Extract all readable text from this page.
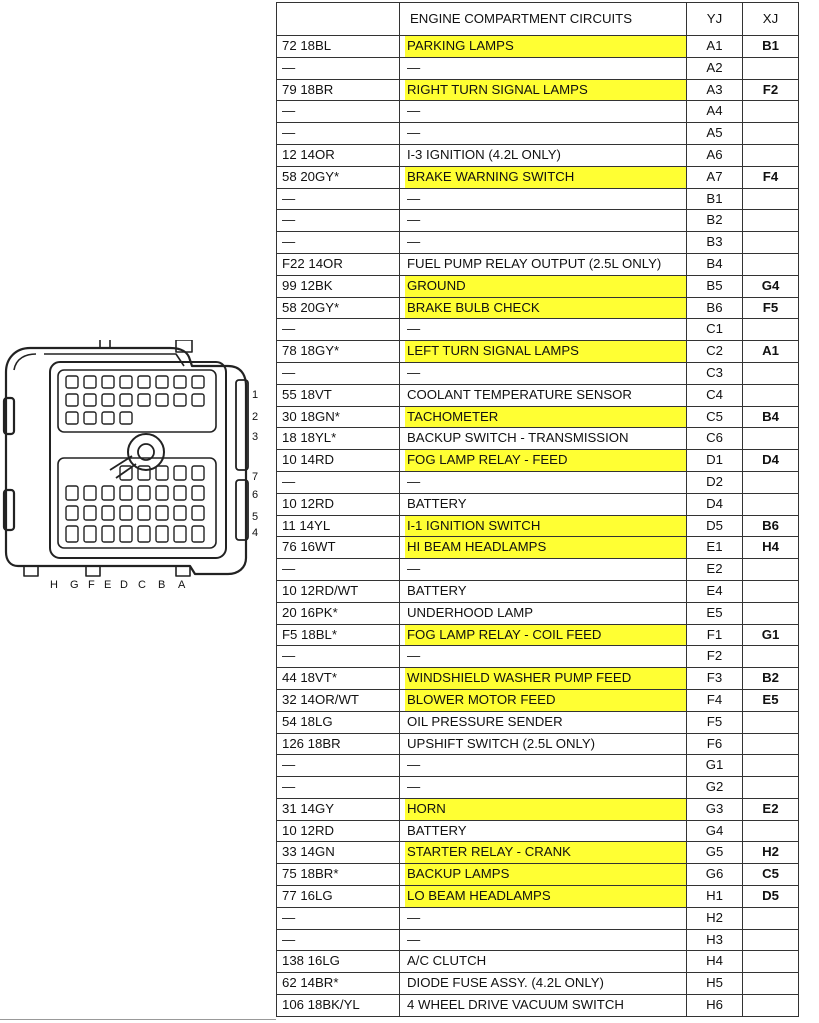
1
2
3
7
6
5
4
H G F E D C B A
	ENGINE COMPARTMENT CIRCUITS	YJ	XJ
72 18BL	PARKING LAMPS	A1	B1
—	—	A2	
79 18BR	RIGHT TURN SIGNAL LAMPS	A3	F2
—	—	A4	
—	—	A5	
12 14OR	I-3 IGNITION (4.2L ONLY)	A6	
58 20GY*	BRAKE WARNING SWITCH	A7	F4
—	—	B1	
—	—	B2	
—	—	B3	
F22 14OR	FUEL PUMP RELAY OUTPUT (2.5L ONLY)	B4	
99 12BK	GROUND	B5	G4
58 20GY*	BRAKE BULB CHECK	B6	F5
—	—	C1	
78 18GY*	LEFT TURN SIGNAL LAMPS	C2	A1
—	—	C3	
55 18VT	COOLANT TEMPERATURE SENSOR	C4	
30 18GN*	TACHOMETER	C5	B4
18 18YL*	BACKUP SWITCH - TRANSMISSION	C6	
10 14RD	FOG LAMP RELAY - FEED	D1	D4
—	—	D2	
10 12RD	BATTERY	D4	
11 14YL	I-1 IGNITION SWITCH	D5	B6
76 16WT	HI BEAM HEADLAMPS	E1	H4
—	—	E2	
10 12RD/WT	BATTERY	E4	
20 16PK*	UNDERHOOD LAMP	E5	
F5 18BL*	FOG LAMP RELAY - COIL FEED	F1	G1
—	—	F2	
44 18VT*	WINDSHIELD WASHER PUMP FEED	F3	B2
32 14OR/WT	BLOWER MOTOR FEED	F4	E5
54 18LG	OIL PRESSURE SENDER	F5	
126 18BR	UPSHIFT SWITCH (2.5L ONLY)	F6	
—	—	G1	
—	—	G2	
31 14GY	HORN	G3	E2
10 12RD	BATTERY	G4	
33 14GN	STARTER RELAY - CRANK	G5	H2
75 18BR*	BACKUP LAMPS	G6	C5
77 16LG	LO BEAM HEADLAMPS	H1	D5
—	—	H2	
—	—	H3	
138 16LG	A/C CLUTCH	H4	
62 14BR*	DIODE FUSE ASSY. (4.2L ONLY)	H5	
106 18BK/YL	4 WHEEL DRIVE VACUUM SWITCH	H6	
